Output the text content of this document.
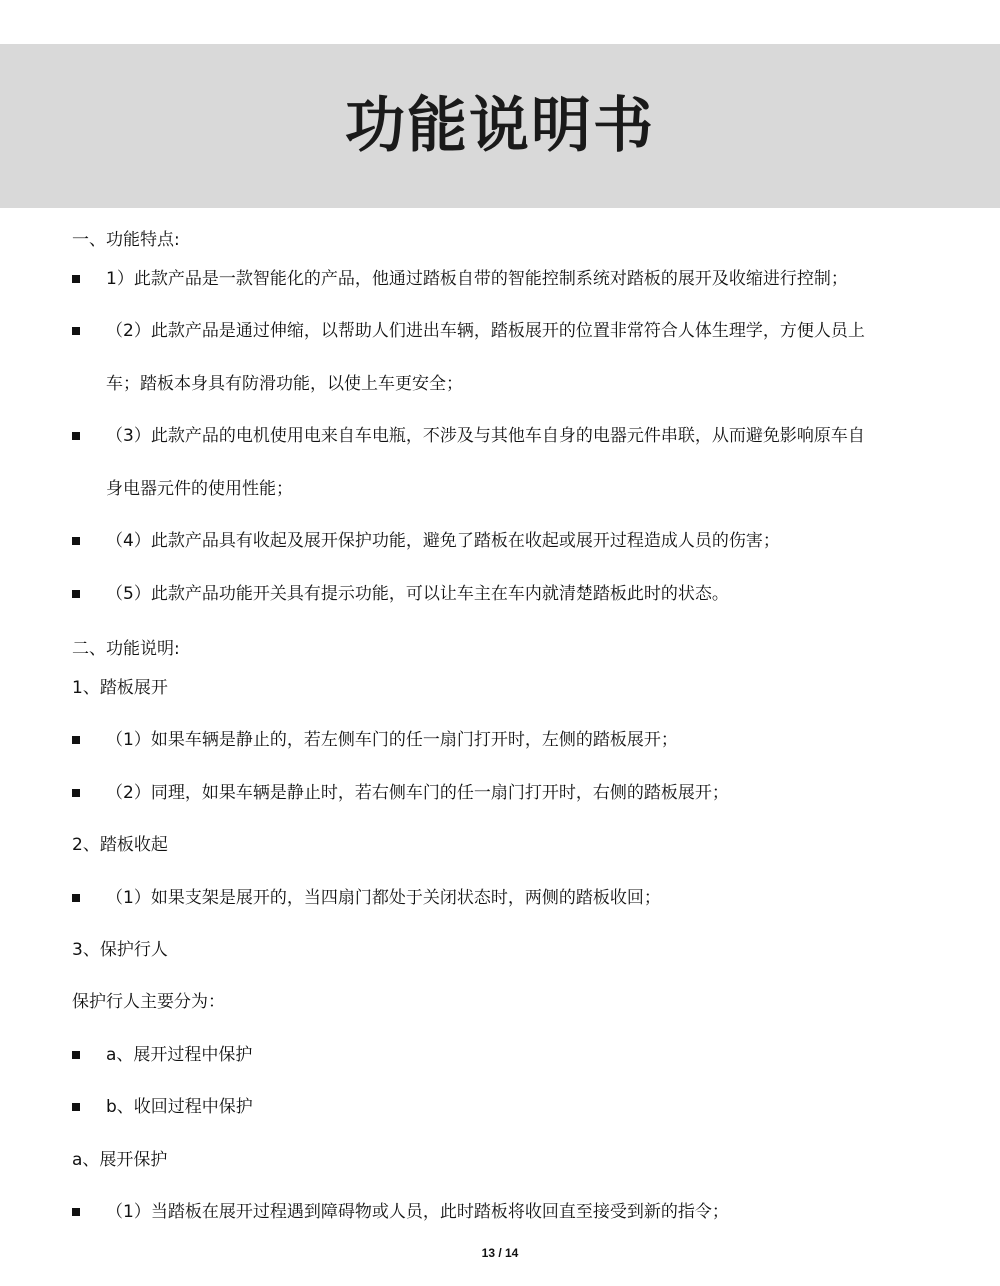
功能说明书
一、功能特点:
1）此款产品是一款智能化的产品，他通过踏板自带的智能控制系统对踏板的展开及收缩进行控制；
（2）此款产品是通过伸缩，以帮助人们进出车辆，踏板展开的位置非常符合人体生理学，方便人员上
车；踏板本身具有防滑功能，以使上车更安全；
（3）此款产品的电机使用电来自车电瓶，不涉及与其他车自身的电器元件串联，从而避免影响原车自
身电器元件的使用性能；
（4）此款产品具有收起及展开保护功能，避免了踏板在收起或展开过程造成人员的伤害；
（5）此款产品功能开关具有提示功能，可以让车主在车内就清楚踏板此时的状态。
二、功能说明:
1、踏板展开
（1）如果车辆是静止的，若左侧车门的任一扇门打开时，左侧的踏板展开；
（2）同理，如果车辆是静止时，若右侧车门的任一扇门打开时，右侧的踏板展开；
2、踏板收起
（1）如果支架是展开的，当四扇门都处于关闭状态时，两侧的踏板收回；
3、保护行人
保护行人主要分为：
a、展开过程中保护
b、收回过程中保护
a、展开保护
（1）当踏板在展开过程遇到障碍物或人员，此时踏板将收回直至接受到新的指令；
13 / 14
